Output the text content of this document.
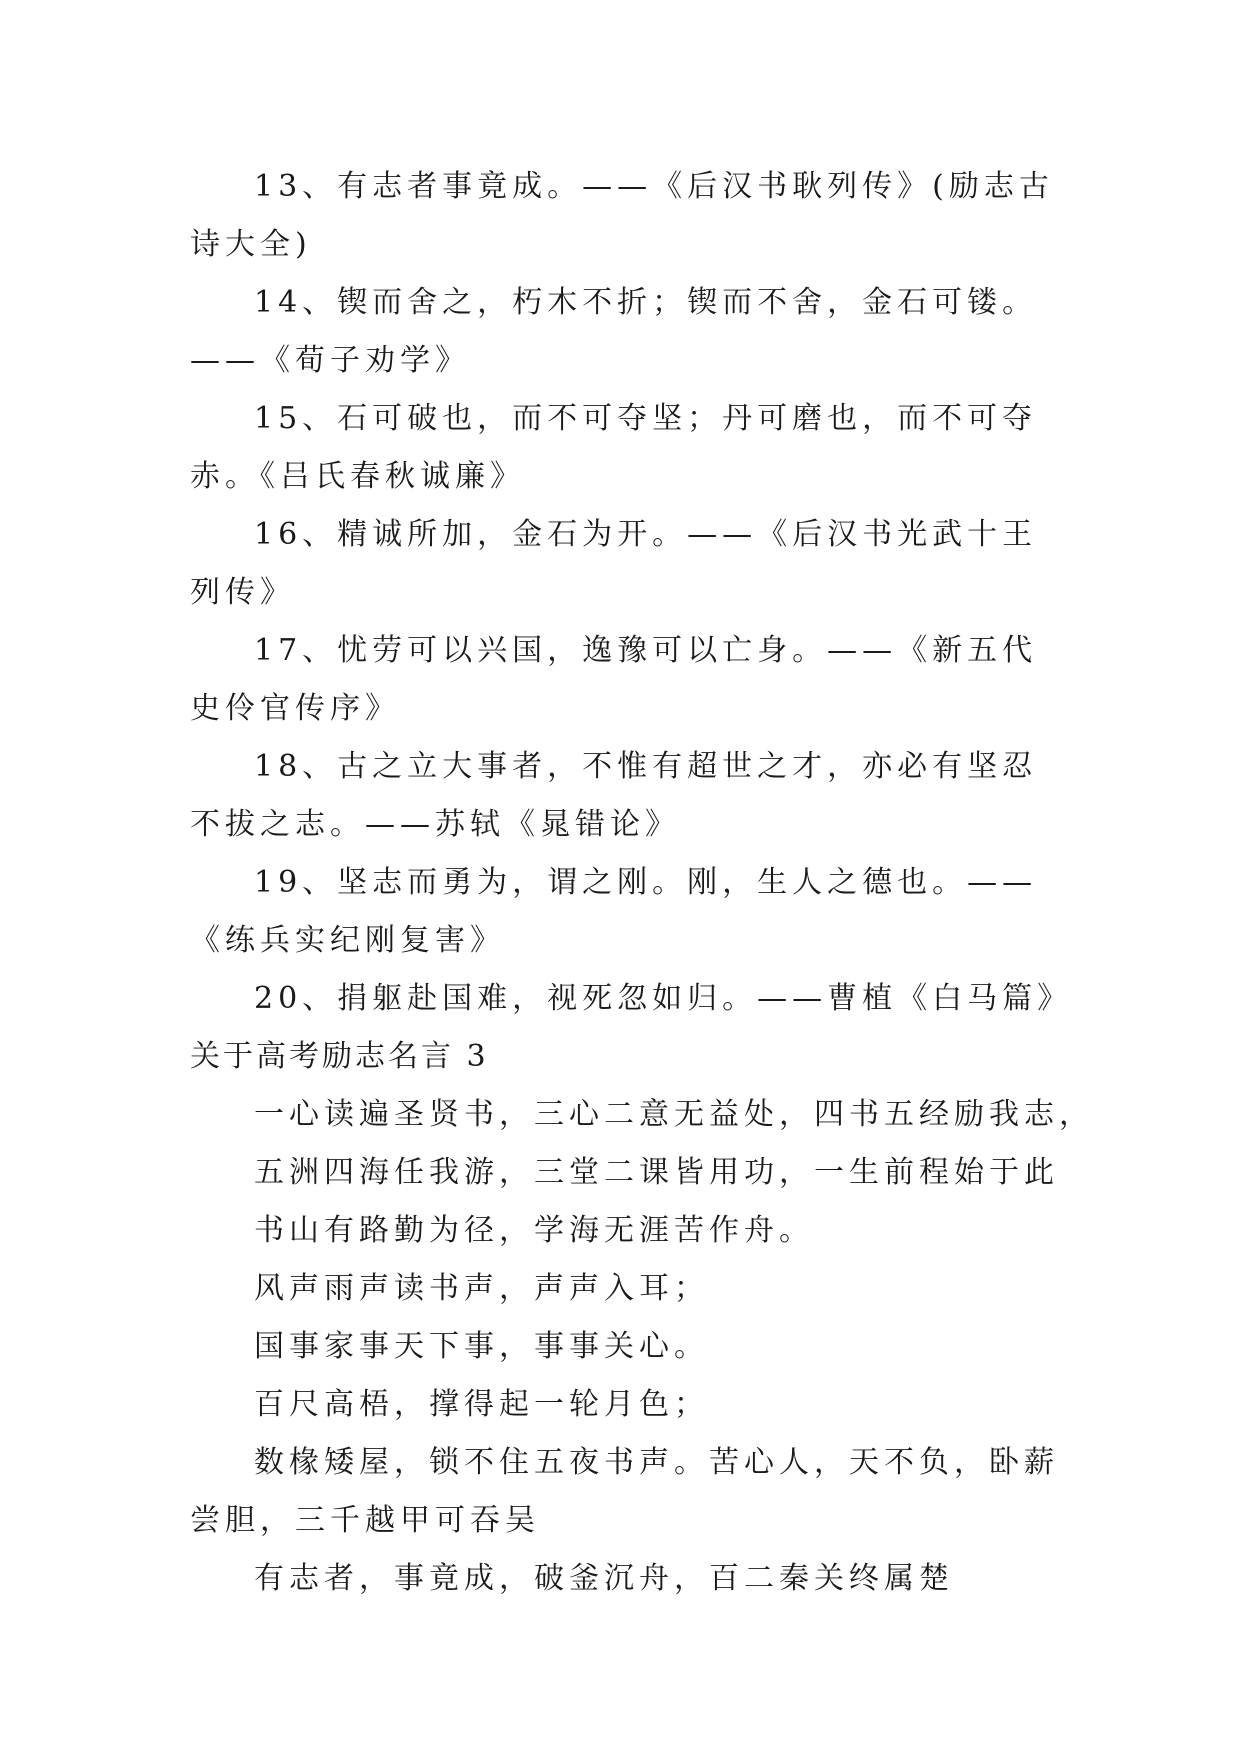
13、有志者事竟成。——《后汉书耿列传》(励志古诗大全)

14、锲而舍之，朽木不折；锲而不舍，金石可镂。——《荀子劝学》

15、石可破也，而不可夺坚；丹可磨也，而不可夺赤。《吕氏春秋诚廉》

16、精诚所加，金石为开。——《后汉书光武十王列传》

17、忧劳可以兴国，逸豫可以亡身。——《新五代史伶官传序》

18、古之立大事者，不惟有超世之才，亦必有坚忍不拔之志。——苏轼《晁错论》

19、坚志而勇为，谓之刚。刚，生人之德也。——《练兵实纪刚复害》

20、捐躯赴国难，视死忽如归。——曹植《白马篇》

关于高考励志名言 3

一心读遍圣贤书，三心二意无益处，四书五经励我志，

五洲四海任我游，三堂二课皆用功，一生前程始于此

书山有路勤为径，学海无涯苦作舟。

风声雨声读书声，声声入耳；

国事家事天下事，事事关心。

百尺高梧，撑得起一轮月色；

数椽矮屋，锁不住五夜书声。苦心人，天不负，卧薪尝胆，三千越甲可吞吴

有志者，事竟成，破釜沉舟，百二秦关终属楚
